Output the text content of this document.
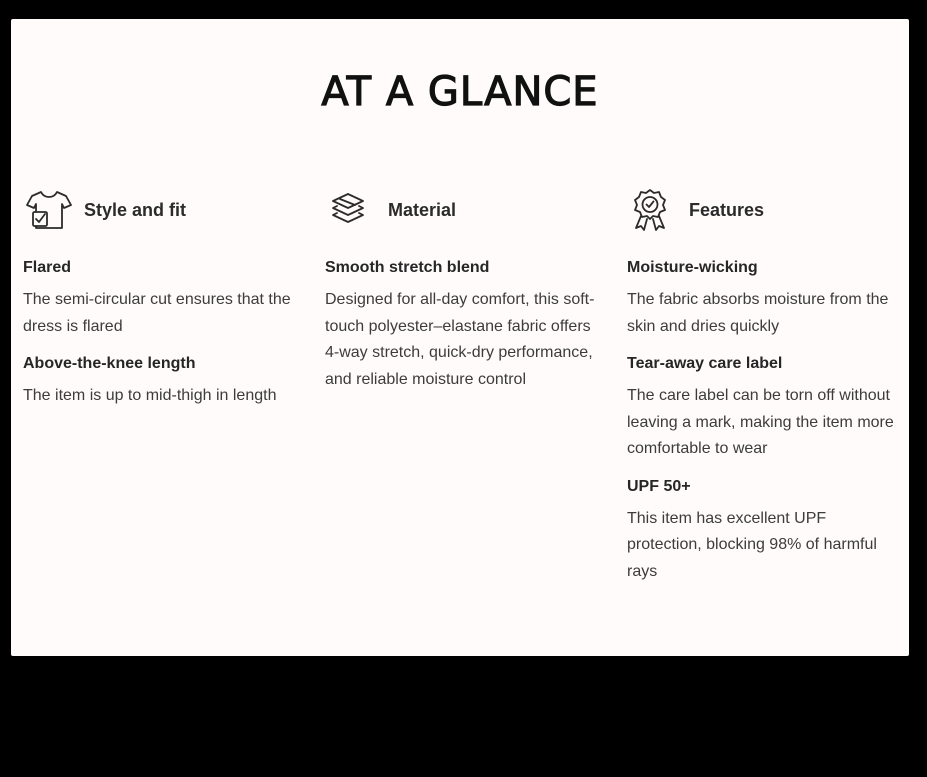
AT A GLANCE
Style and fit
Flared
The semi-circular cut ensures that the dress is flared
Above-the-knee length
The item is up to mid-thigh in length
Material
Smooth stretch blend
Designed for all-day comfort, this soft-touch polyester–elastane fabric offers 4-way stretch, quick-dry performance, and reliable moisture control
Features
Moisture-wicking
The fabric absorbs moisture from the skin and dries quickly
Tear-away care label
The care label can be torn off without leaving a mark, making the item more comfortable to wear
UPF 50+
This item has excellent UPF protection, blocking 98% of harmful rays
